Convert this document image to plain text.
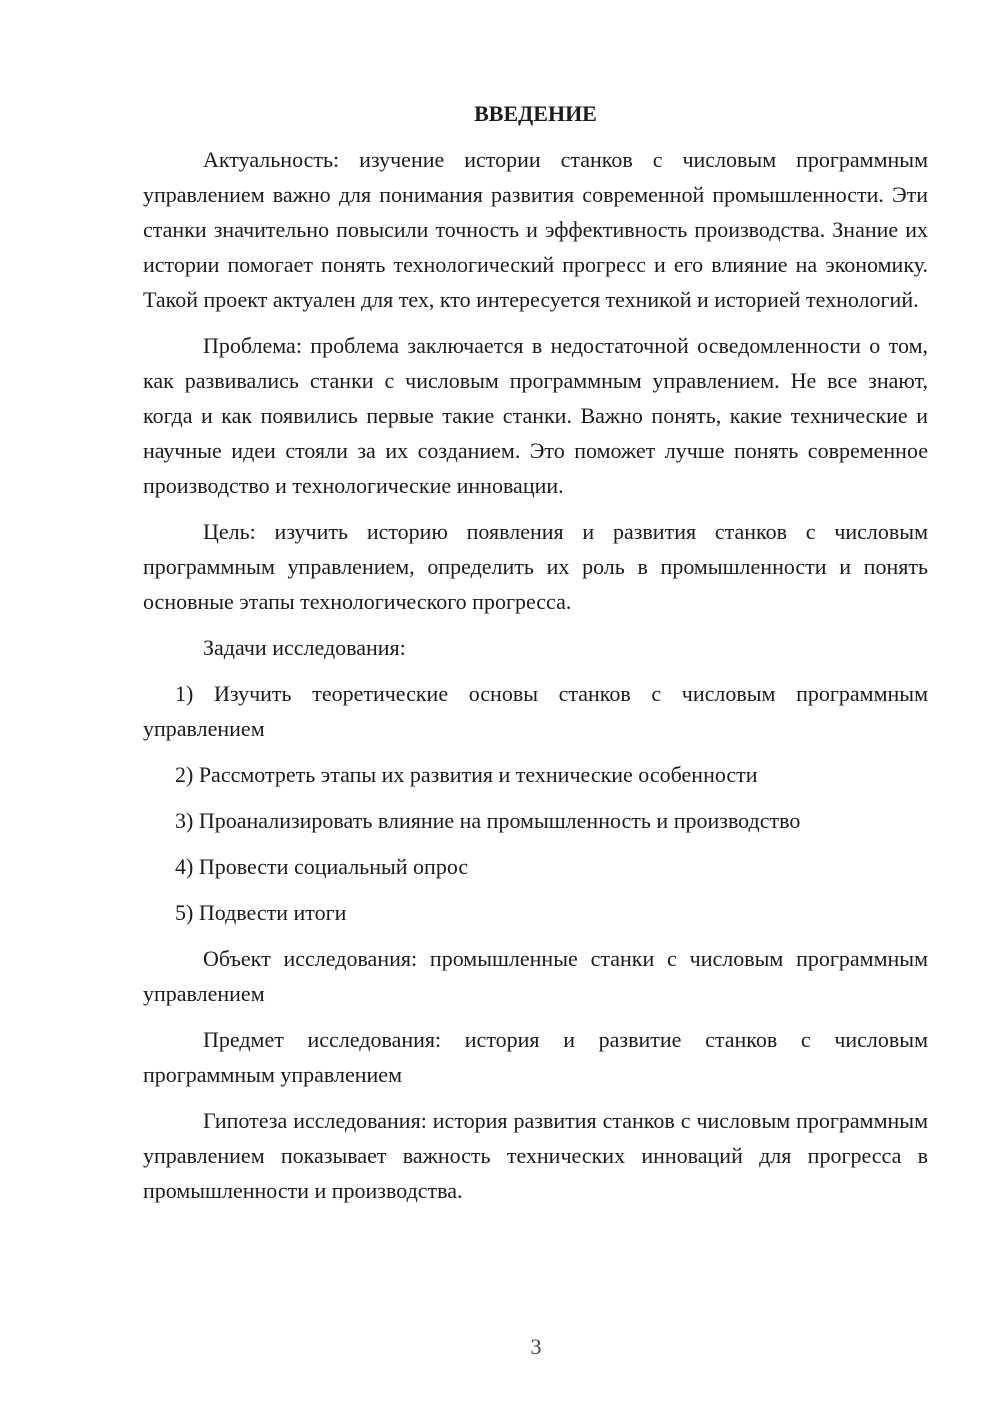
ВВЕДЕНИЕ

Актуальность: изучение истории станков с числовым программным управлением важно для понимания развития современной промышленности. Эти станки значительно повысили точность и эффективность производства. Знание их истории помогает понять технологический прогресс и его влияние на экономику. Такой проект актуален для тех, кто интересуется техникой и историей технологий.

Проблема: проблема заключается в недостаточной осведомленности о том, как развивались станки с числовым программным управлением. Не все знают, когда и как появились первые такие станки. Важно понять, какие технические и научные идеи стояли за их созданием. Это поможет лучше понять современное производство и технологические инновации.

Цель: изучить историю появления и развития станков с числовым программным управлением, определить их роль в промышленности и понять основные этапы технологического прогресса.

Задачи исследования:

1) Изучить теоретические основы станков с числовым программным управлением

2) Рассмотреть этапы их развития и технические особенности

3) Проанализировать влияние на промышленность и производство

4) Провести социальный опрос

5) Подвести итоги

Объект исследования: промышленные станки с числовым программным управлением

Предмет исследования: история и развитие станков с числовым программным управлением

Гипотеза исследования: история развития станков с числовым программным управлением показывает важность технических инноваций для прогресса в промышленности и производства.

3
